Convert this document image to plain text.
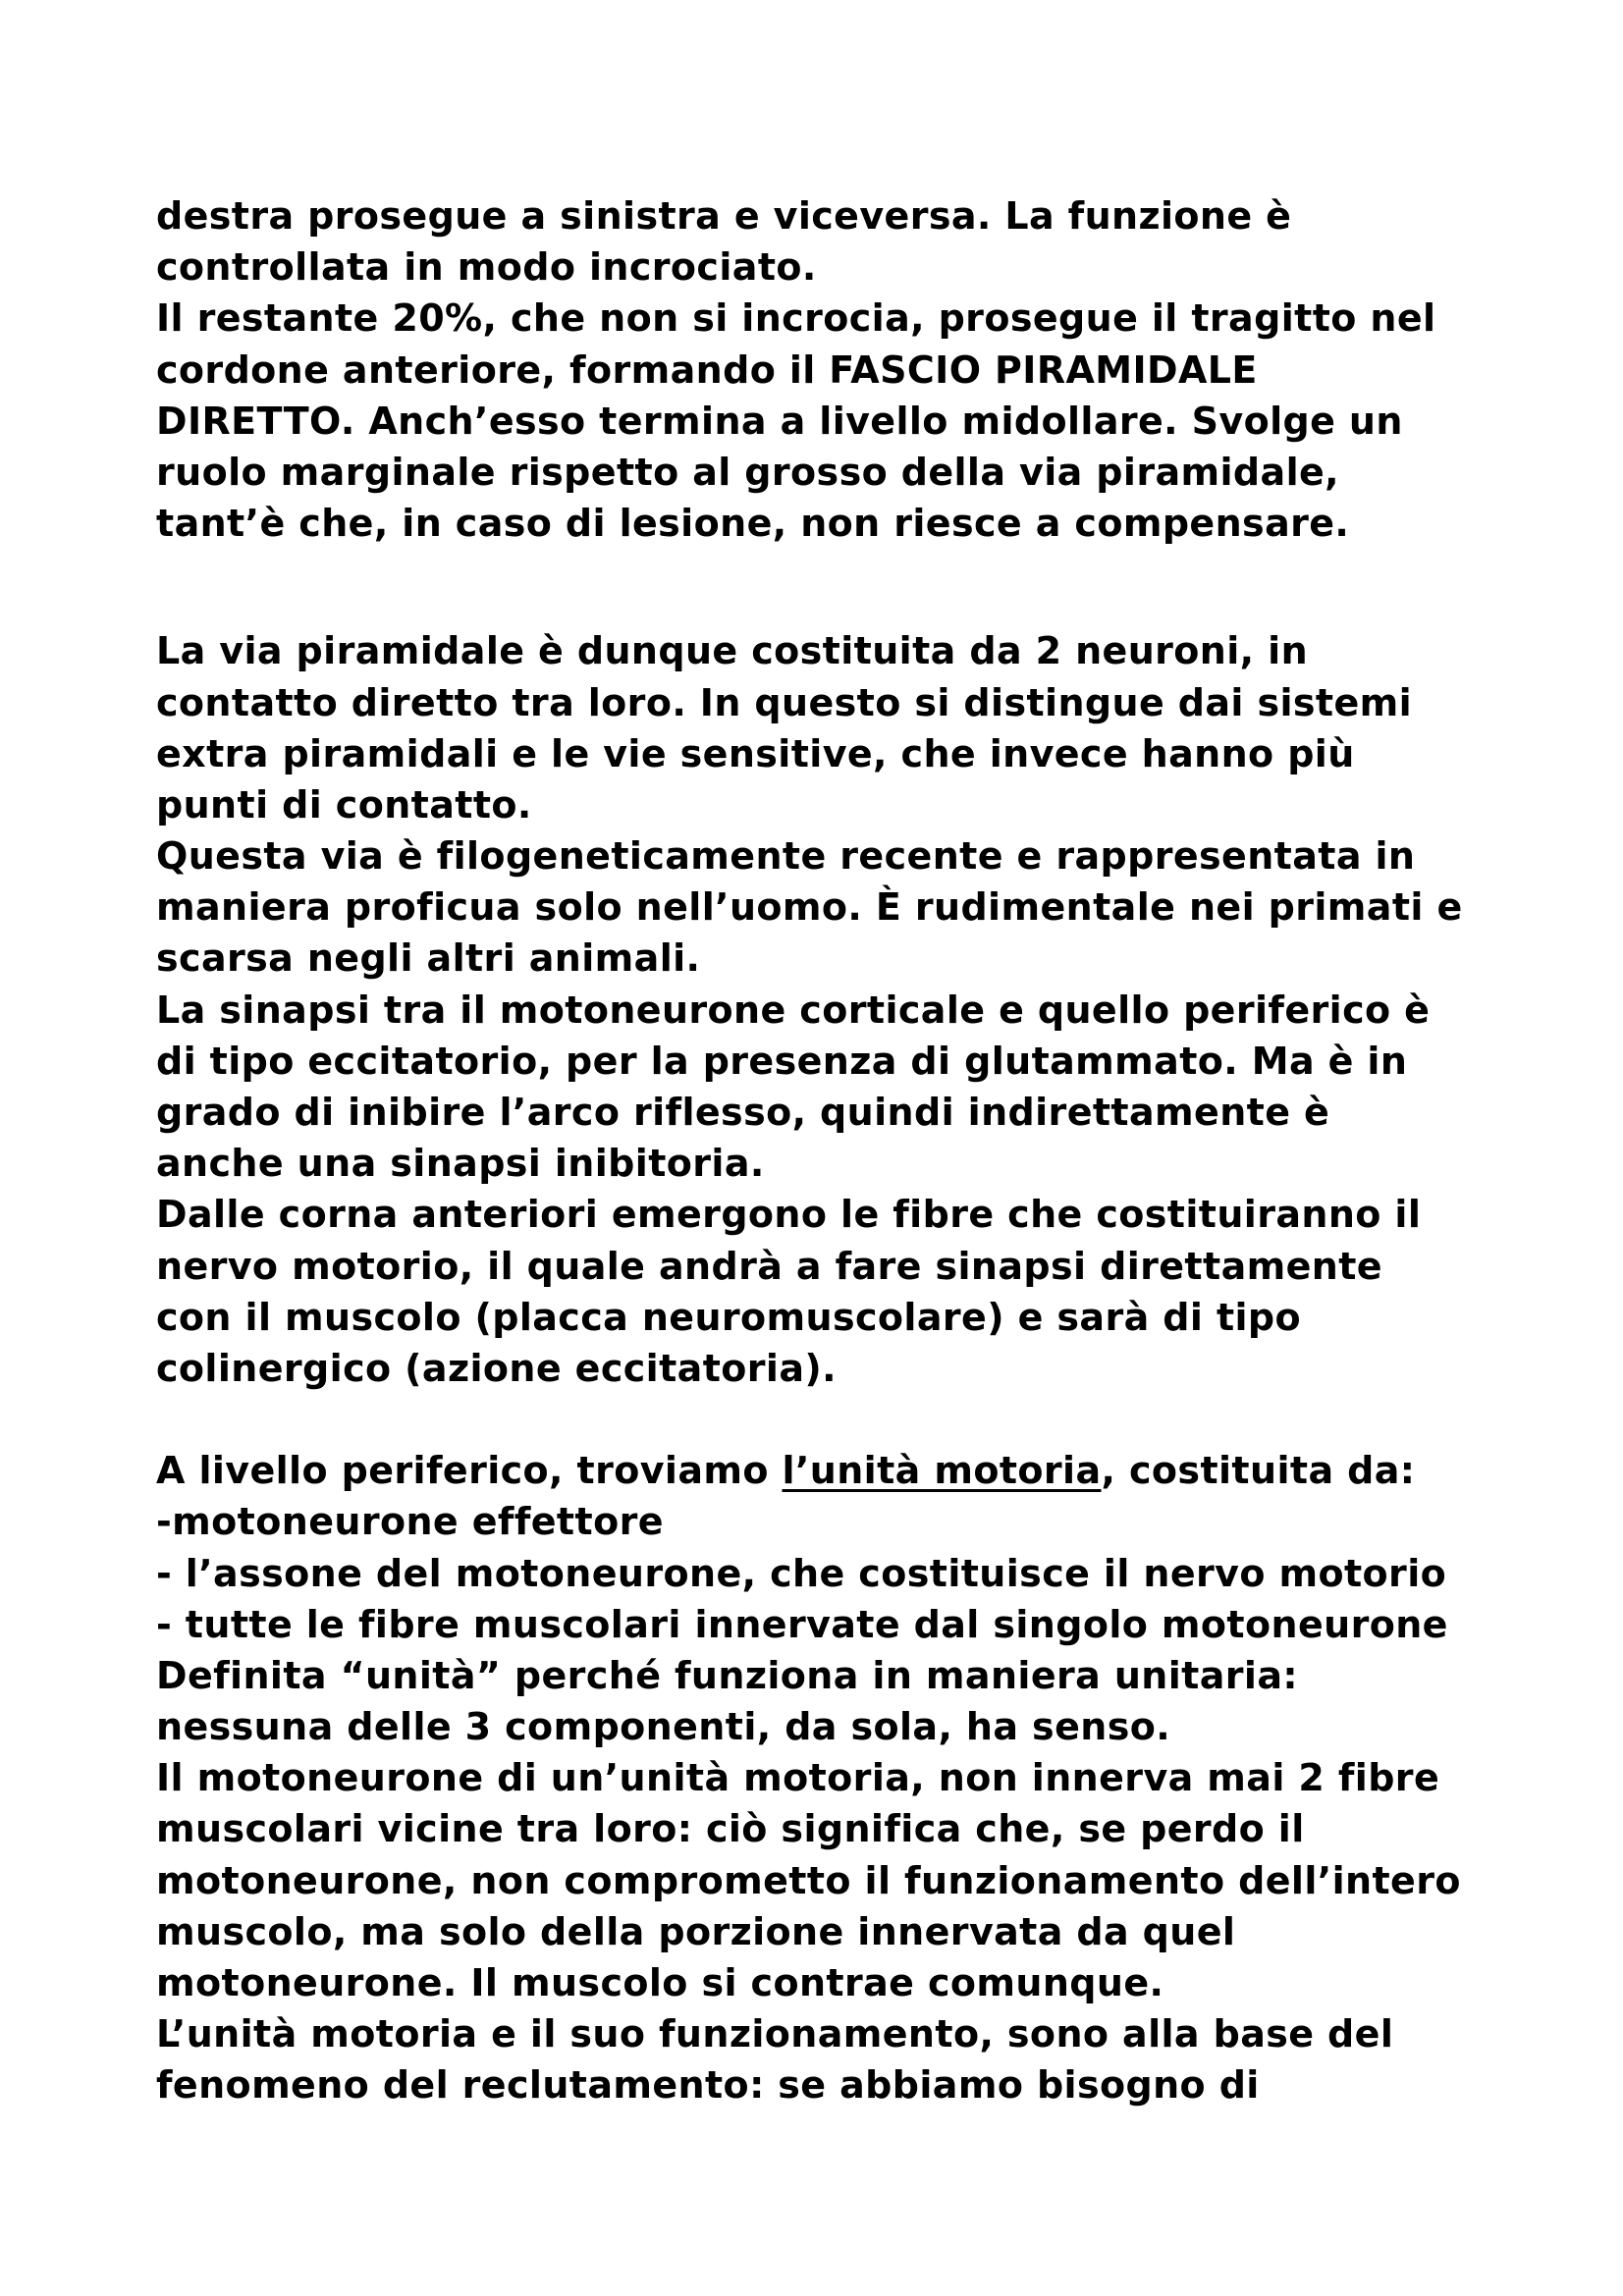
destra prosegue a sinistra e viceversa. La funzione è
controllata in modo incrociato.
Il restante 20%, che non si incrocia, prosegue il tragitto nel
cordone anteriore, formando il FASCIO PIRAMIDALE
DIRETTO. Anch’esso termina a livello midollare. Svolge un
ruolo marginale rispetto al grosso della via piramidale,
tant’è che, in caso di lesione, non riesce a compensare.
La via piramidale è dunque costituita da 2 neuroni, in
contatto diretto tra loro. In questo si distingue dai sistemi
extra piramidali e le vie sensitive, che invece hanno più
punti di contatto.
Questa via è filogeneticamente recente e rappresentata in
maniera proficua solo nell’uomo. È rudimentale nei primati e
scarsa negli altri animali.
La sinapsi tra il motoneurone corticale e quello periferico è
di tipo eccitatorio, per la presenza di glutammato. Ma è in
grado di inibire l’arco riflesso, quindi indirettamente è
anche una sinapsi inibitoria.
Dalle corna anteriori emergono le fibre che costituiranno il
nervo motorio, il quale andrà a fare sinapsi direttamente
con il muscolo (placca neuromuscolare) e sarà di tipo
colinergico (azione eccitatoria).
A livello periferico, troviamo l’unità motoria, costituita da:
-motoneurone effettore
- l’assone del motoneurone, che costituisce il nervo motorio
- tutte le fibre muscolari innervate dal singolo motoneurone
Definita “unità” perché funziona in maniera unitaria:
nessuna delle 3 componenti, da sola, ha senso.
Il motoneurone di un’unità motoria, non innerva mai 2 fibre
muscolari vicine tra loro: ciò significa che, se perdo il
motoneurone, non comprometto il funzionamento dell’intero
muscolo, ma solo della porzione innervata da quel
motoneurone. Il muscolo si contrae comunque.
L’unità motoria e il suo funzionamento, sono alla base del
fenomeno del reclutamento: se abbiamo bisogno di
